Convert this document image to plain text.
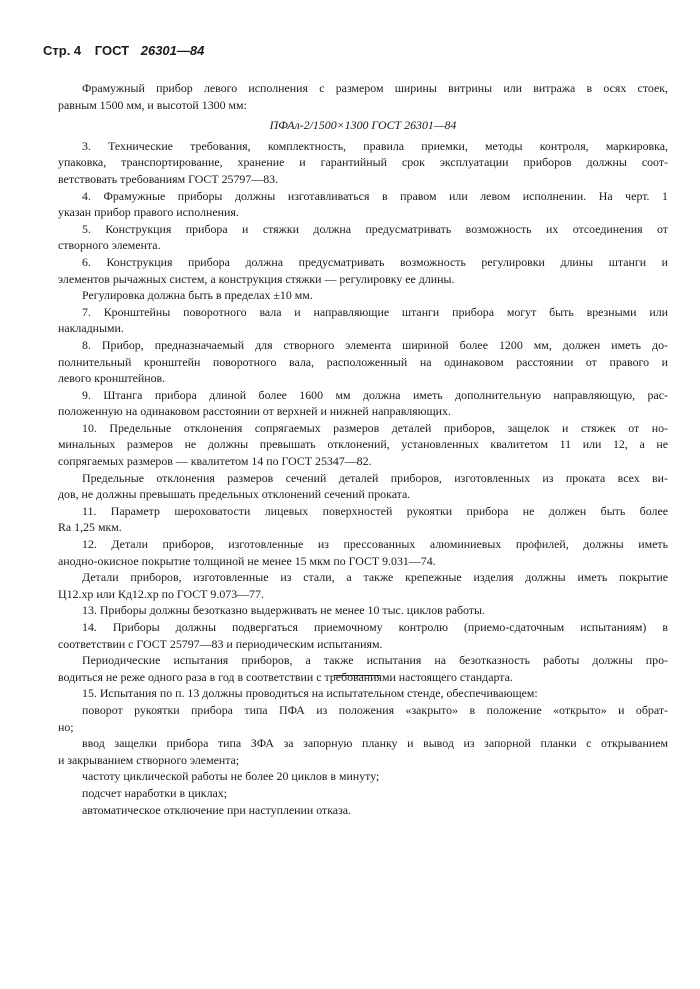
Стр. 4 ГОСТ 26301—84
Фрамужный прибор левого исполнения с размером ширины витрины или витража в осях стоек,
равным 1500 мм, и высотой 1300 мм:
ПФАл-2/1500×1300 ГОСТ 26301—84
3. Технические требования, комплектность, правила приемки, методы контроля, маркировка,
упаковка, транспортирование, хранение и гарантийный срок эксплуатации приборов должны соот-
ветствовать требованиям ГОСТ 25797—83.
4. Фрамужные приборы должны изготавливаться в правом или левом исполнении. На черт. 1
указан прибор правого исполнения.
5. Конструкция прибора и стяжки должна предусматривать возможность их отсоединения от
створного элемента.
6. Конструкция прибора должна предусматривать возможность регулировки длины штанги и
элементов рычажных систем, а конструкция стяжки — регулировку ее длины.
Регулировка должна быть в пределах ±10 мм.
7. Кронштейны поворотного вала и направляющие штанги прибора могут быть врезными или
накладными.
8. Прибор, предназначаемый для створного элемента шириной более 1200 мм, должен иметь до-
полнительный кронштейн поворотного вала, расположенный на одинаковом расстоянии от правого и
левого кронштейнов.
9. Штанга прибора длиной более 1600 мм должна иметь дополнительную направляющую, рас-
положенную на одинаковом расстоянии от верхней и нижней направляющих.
10. Предельные отклонения сопрягаемых размеров деталей приборов, защелок и стяжек от но-
минальных размеров не должны превышать отклонений, установленных квалитетом 11 или 12, а не
сопрягаемых размеров — квалитетом 14 по ГОСТ 25347—82.
Предельные отклонения размеров сечений деталей приборов, изготовленных из проката всех ви-
дов, не должны превышать предельных отклонений сечений проката.
11. Параметр шероховатости лицевых поверхностей рукоятки прибора не должен быть более
Ra 1,25 мкм.
12. Детали приборов, изготовленные из прессованных алюминиевых профилей, должны иметь
анодно-окисное покрытие толщиной не менее 15 мкм по ГОСТ 9.031—74.
Детали приборов, изготовленные из стали, а также крепежные изделия должны иметь покрытие
Ц12.хр или Кд12.хр по ГОСТ 9.073—77.
13. Приборы должны безотказно выдерживать не менее 10 тыс. циклов работы.
14. Приборы должны подвергаться приемочному контролю (приемо-сдаточным испытаниям) в
соответствии с ГОСТ 25797—83 и периодическим испытаниям.
Периодические испытания приборов, а также испытания на безотказность работы должны про-
водиться не реже одного раза в год в соответствии с требованиями настоящего стандарта.
15. Испытания по п. 13 должны проводиться на испытательном стенде, обеспечивающем:
поворот рукоятки прибора типа ПФА из положения «закрыто» в положение «открыто» и обрат-
но;
ввод защелки прибора типа ЗФА за запорную планку и вывод из запорной планки с открыванием
и закрыванием створного элемента;
частоту циклической работы не более 20 циклов в минуту;
подсчет наработки в циклах;
автоматическое отключение при наступлении отказа.
